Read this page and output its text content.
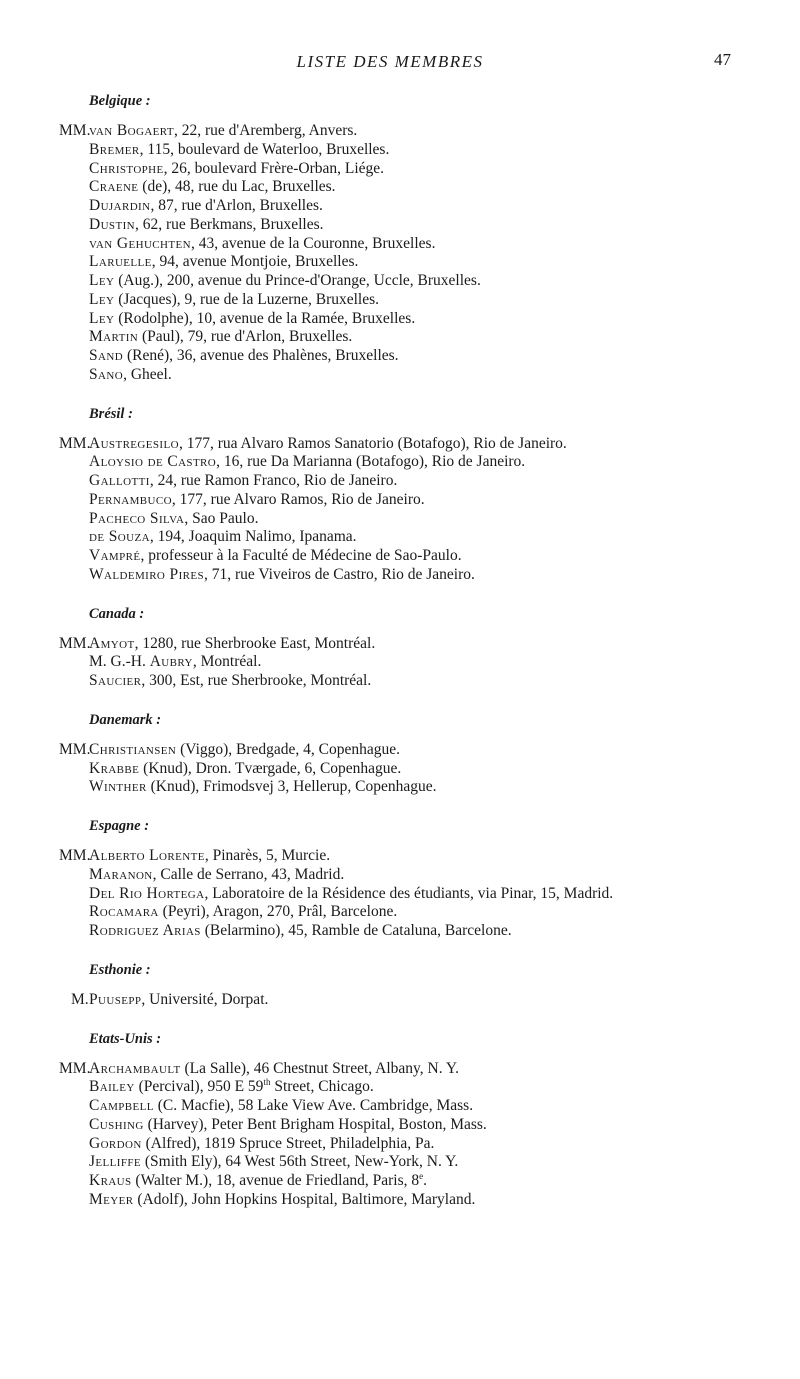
LISTE DES MEMBRES	47
Belgique :
MM.
van Bogaert, 22, rue d'Aremberg, Anvers.
Bremer, 115, boulevard de Waterloo, Bruxelles.
Christophe, 26, boulevard Frère-Orban, Liége.
Craene (de), 48, rue du Lac, Bruxelles.
Dujardin, 87, rue d'Arlon, Bruxelles.
Dustin, 62, rue Berkmans, Bruxelles.
van Gehuchten, 43, avenue de la Couronne, Bruxelles.
Laruelle, 94, avenue Montjoie, Bruxelles.
Ley (Aug.), 200, avenue du Prince-d'Orange, Uccle, Bruxelles.
Ley (Jacques), 9, rue de la Luzerne, Bruxelles.
Ley (Rodolphe), 10, avenue de la Ramée, Bruxelles.
Martin (Paul), 79, rue d'Arlon, Bruxelles.
Sand (René), 36, avenue des Phalènes, Bruxelles.
Sano, Gheel.
Brésil :
MM.
Austregesilo, 177, rua Alvaro Ramos Sanatorio (Botafogo), Rio de Janeiro.
Aloysio de Castro, 16, rue Da Marianna (Botafogo), Rio de Janeiro.
Gallotti, 24, rue Ramon Franco, Rio de Janeiro.
Pernambuco, 177, rue Alvaro Ramos, Rio de Janeiro.
Pacheco Silva, Sao Paulo.
de Souza, 194, Joaquim Nalimo, Ipanama.
Vampré, professeur à la Faculté de Médecine de Sao-Paulo.
Waldemiro Pires, 71, rue Viveiros de Castro, Rio de Janeiro.
Canada :
MM.
Amyot, 1280, rue Sherbrooke East, Montréal.
M. G.-H. Aubry, Montréal.
Saucier, 300, Est, rue Sherbrooke, Montréal.
Danemark :
MM.
Christiansen (Viggo), Bredgade, 4, Copenhague.
Krabbe (Knud), Dron. Tværgade, 6, Copenhague.
Winther (Knud), Frimodsvej 3, Hellerup, Copenhague.
Espagne :
MM.
Alberto Lorente, Pinarès, 5, Murcie.
Maranon, Calle de Serrano, 43, Madrid.
Del Rio Hortega, Laboratoire de la Résidence des étudiants, via Pinar, 15, Madrid.
Rocamara (Peyri), Aragon, 270, Prâl, Barcelone.
Rodriguez Arias (Belarmino), 45, Ramble de Cataluna, Barcelone.
Esthonie :
M. Puusepp, Université, Dorpat.
Etats-Unis :
MM.
Archambault (La Salle), 46 Chestnut Street, Albany, N. Y.
Bailey (Percival), 950 E 59th Street, Chicago.
Campbell (C. Macfie), 58 Lake View Ave. Cambridge, Mass.
Cushing (Harvey), Peter Bent Brigham Hospital, Boston, Mass.
Gordon (Alfred), 1819 Spruce Street, Philadelphia, Pa.
Jelliffe (Smith Ely), 64 West 56th Street, New-York, N. Y.
Kraus (Walter M.), 18, avenue de Friedland, Paris, 8e.
Meyer (Adolf), John Hopkins Hospital, Baltimore, Maryland.
